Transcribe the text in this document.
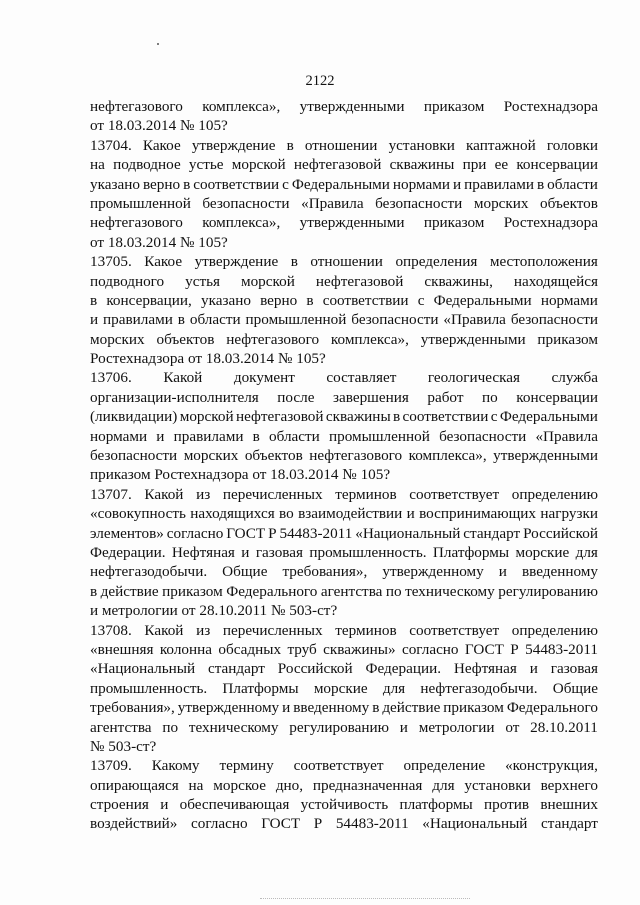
2122
нефтегазового комплекса», утвержденными приказом Ростехнадзора
от 18.03.2014 № 105?
13704. Какое утверждение в отношении установки каптажной головки
на подводное устье морской нефтегазовой скважины при ее консервации
указано верно в соответствии с Федеральными нормами и правилами в области
промышленной безопасности «Правила безопасности морских объектов
нефтегазового комплекса», утвержденными приказом Ростехнадзора
от 18.03.2014 № 105?
13705. Какое утверждение в отношении определения местоположения
подводного устья морской нефтегазовой скважины, находящейся
в консервации, указано верно в соответствии с Федеральными нормами
и правилами в области промышленной безопасности «Правила безопасности
морских объектов нефтегазового комплекса», утвержденными приказом
Ростехнадзора от 18.03.2014 № 105?
13706. Какой документ составляет геологическая служба
организации-исполнителя после завершения работ по консервации
(ликвидации) морской нефтегазовой скважины в соответствии с Федеральными
нормами и правилами в области промышленной безопасности «Правила
безопасности морских объектов нефтегазового комплекса», утвержденными
приказом Ростехнадзора от 18.03.2014 № 105?
13707. Какой из перечисленных терминов соответствует определению
«совокупность находящихся во взаимодействии и воспринимающих нагрузки
элементов» согласно ГОСТ Р 54483-2011 «Национальный стандарт Российской
Федерации. Нефтяная и газовая промышленность. Платформы морские для
нефтегазодобычи. Общие требования», утвержденному и введенному
в действие приказом Федерального агентства по техническому регулированию
и метрологии от 28.10.2011 № 503-ст?
13708. Какой из перечисленных терминов соответствует определению
«внешняя колонна обсадных труб скважины» согласно ГОСТ Р 54483-2011
«Национальный стандарт Российской Федерации. Нефтяная и газовая
промышленность. Платформы морские для нефтегазодобычи. Общие
требования», утвержденному и введенному в действие приказом Федерального
агентства по техническому регулированию и метрологии от 28.10.2011
№ 503-ст?
13709. Какому термину соответствует определение «конструкция,
опирающаяся на морское дно, предназначенная для установки верхнего
строения и обеспечивающая устойчивость платформы против внешних
воздействий» согласно ГОСТ Р 54483-2011 «Национальный стандарт
